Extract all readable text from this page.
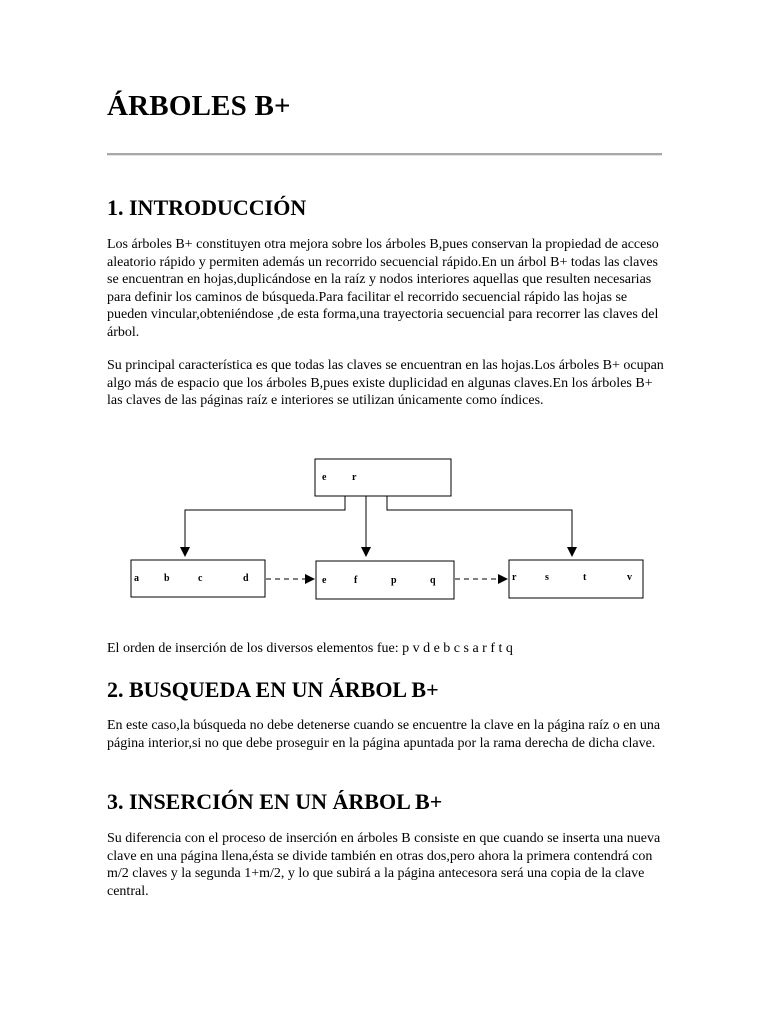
ÁRBOLES B+
1. INTRODUCCIÓN

Los árboles B+ constituyen otra mejora sobre los árboles B,pues conservan la propiedad de acceso aleatorio rápido y permiten además un recorrido secuencial rápido.En un árbol B+ todas las claves se encuentran en hojas,duplicándose en la raíz y nodos interiores aquellas que resulten necesarias para definir los caminos de búsqueda.Para facilitar el recorrido secuencial rápido las hojas se pueden vincular,obteniéndose ,de esta forma,una trayectoria secuencial para recorrer las claves del árbol.

Su principal característica es que todas las claves se encuentran en las hojas.Los árboles B+ ocupan algo más de espacio que los árboles B,pues existe duplicidad en algunas claves.En los árboles B+ las claves de las páginas raíz e interiores se utilizan únicamente como índices.

e	r
a	b	c	d	e	f	p	q	r	s	t	v

El orden de inserción de los diversos elementos fue: p v d e b c s a r f t q

2. BUSQUEDA EN UN ÁRBOL B+

En este caso,la búsqueda no debe detenerse cuando se encuentre la clave en la página raíz o en una página interior,si no que debe proseguir en la página apuntada por la rama derecha de dicha clave.

3. INSERCIÓN EN UN ÁRBOL B+

Su diferencia con el proceso de inserción en árboles B consiste en que cuando se inserta una nueva clave en una página llena,ésta se divide también en otras dos,pero ahora la primera contendrá con m/2 claves y la segunda 1+m/2, y lo que subirá a la página antecesora será una copia de la clave central.
